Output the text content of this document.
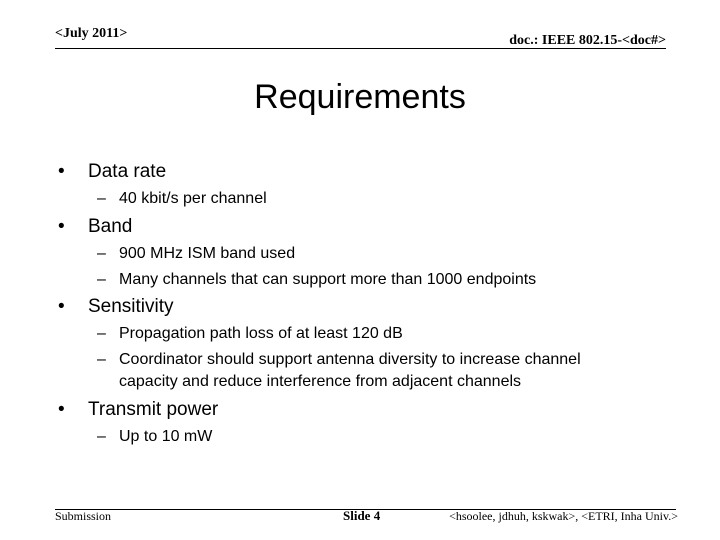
<July 2011>	doc.: IEEE 802.15-<doc#>
Requirements
• Data rate
– 40 kbit/s per channel
• Band
– 900 MHz ISM band used
– Many channels that can support more than 1000 endpoints
• Sensitivity
– Propagation path loss of at least 120 dB
– Coordinator should support antenna diversity to increase channel
capacity and reduce interference from adjacent channels
• Transmit power
– Up to 10 mW
Submission	Slide 4	<hsoolee, jdhuh, kskwak>, <ETRI, Inha Univ.>
